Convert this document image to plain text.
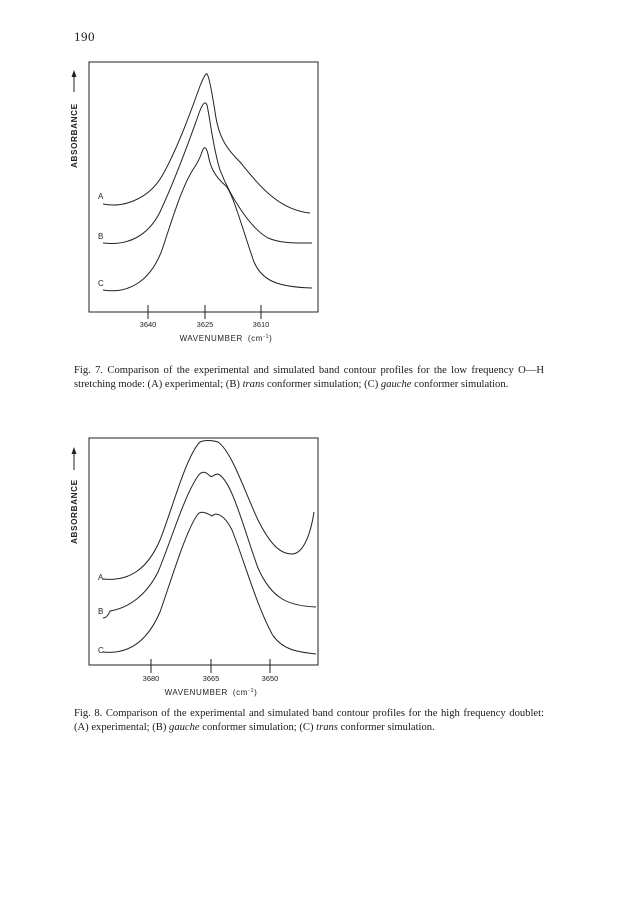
190
ABSORBANCE
A
B
C
3640	3625	3610
WAVENUMBER $(cm^{-1})$
Fig. 7. Comparison of the experimental and simulated band contour profiles for the low frequency O—H stretching mode: (A) experimental; (B) trans conformer simulation; (C) gauche conformer simulation.
ABSORBANCE
A
B
C
3680	3665	3650
WAVENUMBER $(cm^{-1})$
Fig. 8. Comparison of the experimental and simulated band contour profiles for the high frequency doublet: (A) experimental; (B) gauche conformer simulation; (C) trans conformer simulation.
